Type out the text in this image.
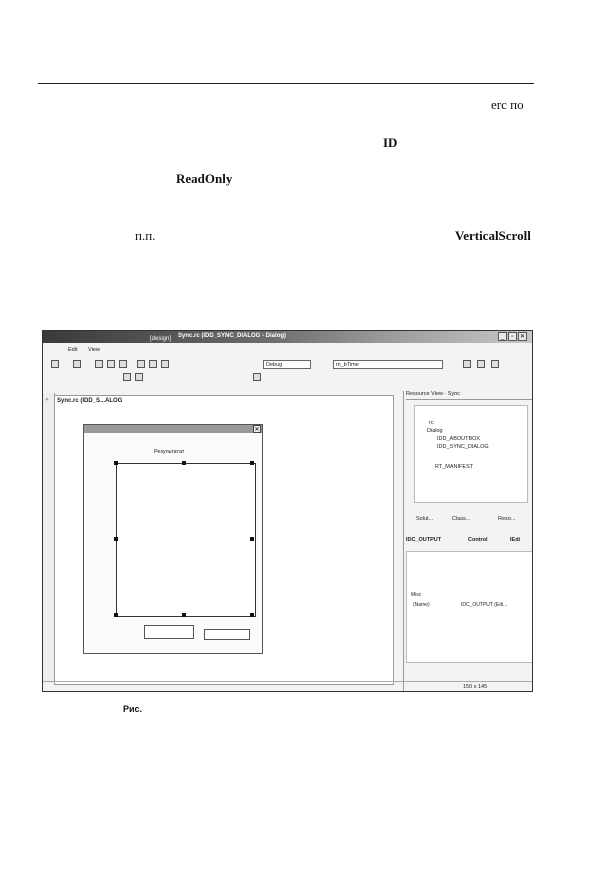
erc по
ID
ReadOnly
п.п.	VerticalScroll
[design] Sync.rc (IDD_SYNC_DIALOG - Dialog)	_	▫	✕
Edit View
Debug	m_bTime
✧ Sync.rc (IDD_S...ALOG
✕
Результатат
Resource View - Sync
rc
Dialog
IDD_ABOUTBOX
IDD_SYNC_DIALOG
RT_MANIFEST
Solut...	Class...	Reso...
IDC_OUTPUT	Control	IEdi
Misc
(Name)	IDC_OUTPUT (Edi...
150 x 145
Рис.
